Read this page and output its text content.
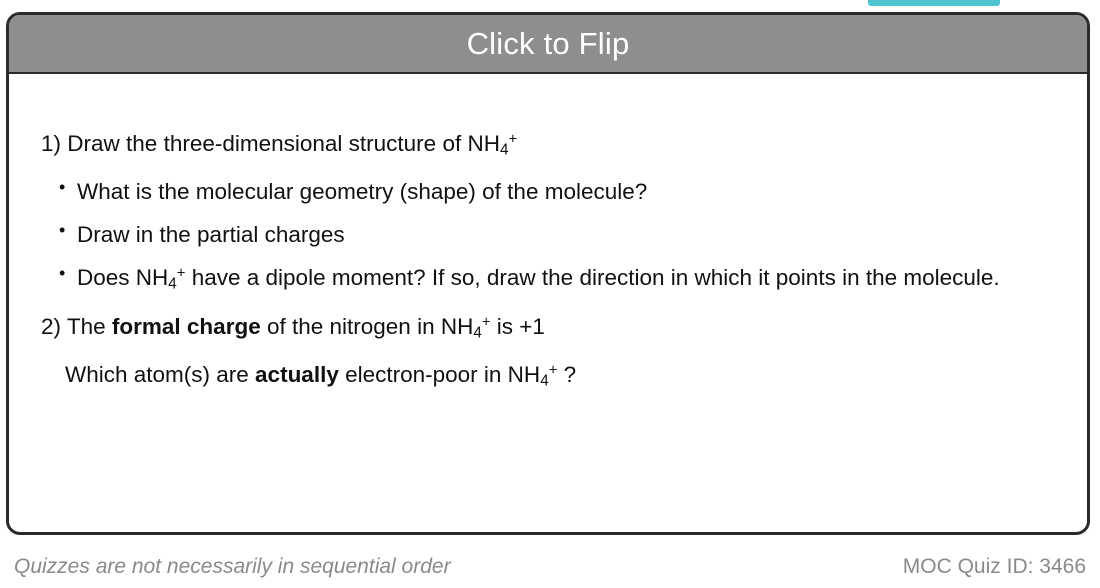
Click to Flip
1) Draw the three-dimensional structure of $NH_4^+$
• What is the molecular geometry (shape) of the molecule?
• Draw in the partial charges
• Does $NH_4^+$ have a dipole moment? If so, draw the direction in which it points in the molecule.
2) The formal charge of the nitrogen in $NH_4^+$ is +1
Which atom(s) are actually electron-poor in $NH_4^+$ ?
Quizzes are not necessarily in sequential order	MOC Quiz ID: 3466
